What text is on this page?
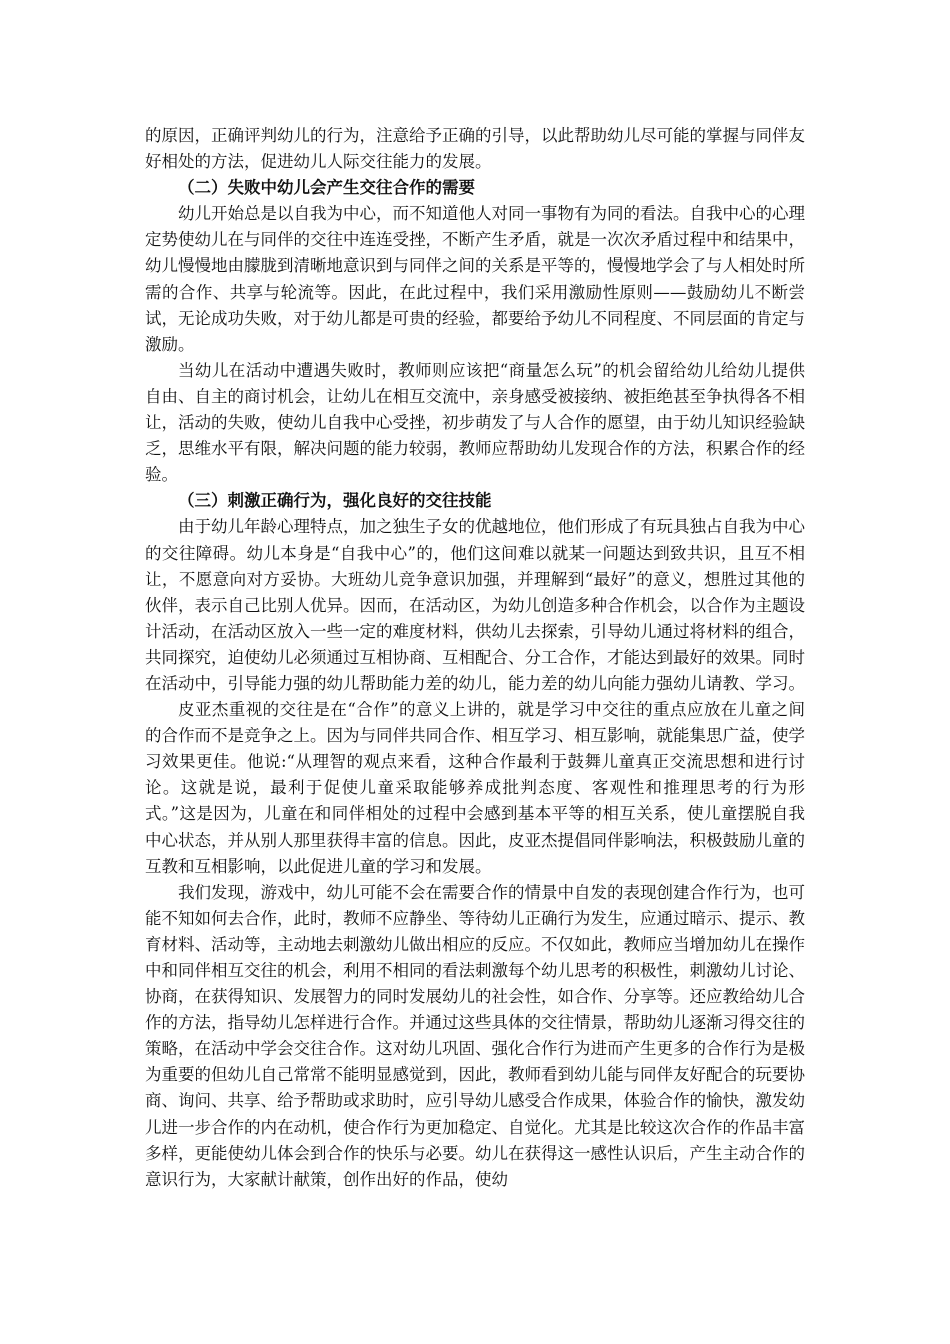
的原因，正确评判幼儿的行为，注意给予正确的引导，以此帮助幼儿尽可能的掌握与同伴友好相处的方法，促进幼儿人际交往能力的发展。

（二）失败中幼儿会产生交往合作的需要

幼儿开始总是以自我为中心，而不知道他人对同一事物有为同的看法。自我中心的心理定势使幼儿在与同伴的交往中连连受挫，不断产生矛盾，就是一次次矛盾过程中和结果中，幼儿慢慢地由朦胧到清晰地意识到与同伴之间的关系是平等的，慢慢地学会了与人相处时所需的合作、共享与轮流等。因此，在此过程中，我们采用激励性原则——鼓励幼儿不断尝试，无论成功失败，对于幼儿都是可贵的经验，都要给予幼儿不同程度、不同层面的肯定与激励。

当幼儿在活动中遭遇失败时，教师则应该把“商量怎么玩”的机会留给幼儿给幼儿提供自由、自主的商讨机会，让幼儿在相互交流中，亲身感受被接纳、被拒绝甚至争执得各不相让，活动的失败，使幼儿自我中心受挫，初步萌发了与人合作的愿望，由于幼儿知识经验缺乏，思维水平有限，解决问题的能力较弱，教师应帮助幼儿发现合作的方法，积累合作的经验。

（三）刺激正确行为，强化良好的交往技能

由于幼儿年龄心理特点，加之独生子女的优越地位，他们形成了有玩具独占自我为中心的交往障碍。幼儿本身是“自我中心”的，他们这间难以就某一问题达到致共识，且互不相让，不愿意向对方妥协。大班幼儿竞争意识加强，并理解到“最好”的意义，想胜过其他的伙伴，表示自己比别人优异。因而，在活动区，为幼儿创造多种合作机会，以合作为主题设计活动，在活动区放入一些一定的难度材料，供幼儿去探索，引导幼儿通过将材料的组合，共同探究，迫使幼儿必须通过互相协商、互相配合、分工合作，才能达到最好的效果。同时在活动中，引导能力强的幼儿帮助能力差的幼儿，能力差的幼儿向能力强幼儿请教、学习。

皮亚杰重视的交往是在“合作”的意义上讲的，就是学习中交往的重点应放在儿童之间的合作而不是竞争之上。因为与同伴共同合作、相互学习、相互影响，就能集思广益，使学习效果更佳。他说:“从理智的观点来看，这种合作最利于鼓舞儿童真正交流思想和进行讨论。这就是说，最利于促使儿童采取能够养成批判态度、客观性和推理思考的行为形式。”这是因为，儿童在和同伴相处的过程中会感到基本平等的相互关系，使儿童摆脱自我中心状态，并从别人那里获得丰富的信息。因此，皮亚杰提倡同伴影响法，积极鼓励儿童的互教和互相影响，以此促进儿童的学习和发展。

我们发现，游戏中，幼儿可能不会在需要合作的情景中自发的表现创建合作行为，也可能不知如何去合作，此时，教师不应静坐、等待幼儿正确行为发生，应通过暗示、提示、教育材料、活动等，主动地去刺激幼儿做出相应的反应。不仅如此，教师应当增加幼儿在操作中和同伴相互交往的机会，利用不相同的看法刺激每个幼儿思考的积极性，刺激幼儿讨论、协商，在获得知识、发展智力的同时发展幼儿的社会性，如合作、分享等。还应教给幼儿合作的方法，指导幼儿怎样进行合作。并通过这些具体的交往情景，帮助幼儿逐渐习得交往的策略，在活动中学会交往合作。这对幼儿巩固、强化合作行为进而产生更多的合作行为是极为重要的但幼儿自己常常不能明显感觉到，因此，教师看到幼儿能与同伴友好配合的玩要协商、询问、共享、给予帮助或求助时，应引导幼儿感受合作成果，体验合作的愉快，激发幼儿进一步合作的内在动机，使合作行为更加稳定、自觉化。尤其是比较这次合作的作品丰富多样，更能使幼儿体会到合作的快乐与必要。幼儿在获得这一感性认识后，产生主动合作的意识行为，大家献计献策，创作出好的作品，使幼
